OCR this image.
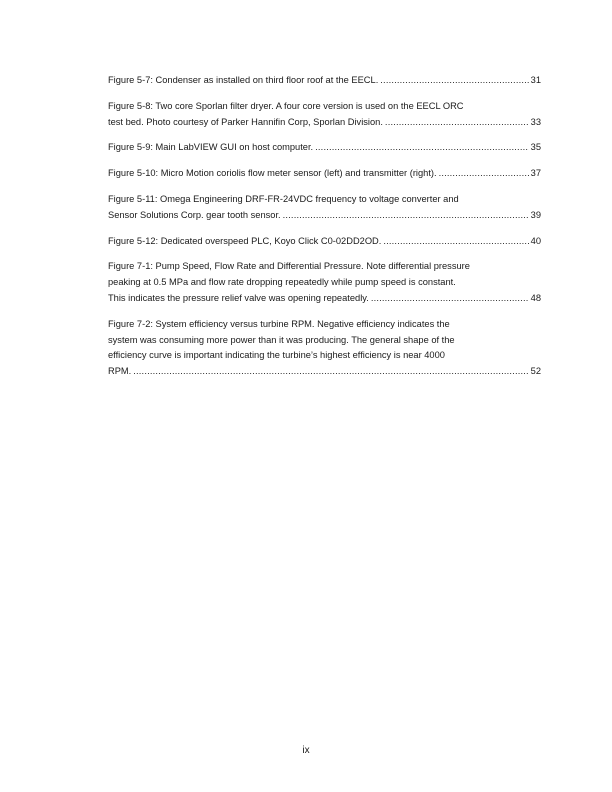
Figure 5-7: Condenser as installed on third floor roof at the EECL. . . .	31
Figure 5-8: Two core Sporlan filter dryer. A four core version is used on the EECL ORC
test bed. Photo courtesy of Parker Hannifin Corp, Sporlan Division. . . .	33
Figure 5-9: Main LabVIEW GUI on host computer. . . .	35
Figure 5-10: Micro Motion coriolis flow meter sensor (left) and transmitter (right). . . .	37
Figure 5-11: Omega Engineering DRF-FR-24VDC frequency to voltage converter and
Sensor Solutions Corp. gear tooth sensor. . . .	39
Figure 5-12: Dedicated overspeed PLC, Koyo Click C0-02DD2OD. . . .	40
Figure 7-1: Pump Speed, Flow Rate and Differential Pressure. Note differential pressure
peaking at 0.5 MPa and flow rate dropping repeatedly while pump speed is constant.
This indicates the pressure relief valve was opening repeatedly. . . .	48
Figure 7-2: System efficiency versus turbine RPM. Negative efficiency indicates the
system was consuming more power than it was producing. The general shape of the
efficiency curve is important indicating the turbine’s highest efficiency is near 4000
RPM. . . .	52
ix
